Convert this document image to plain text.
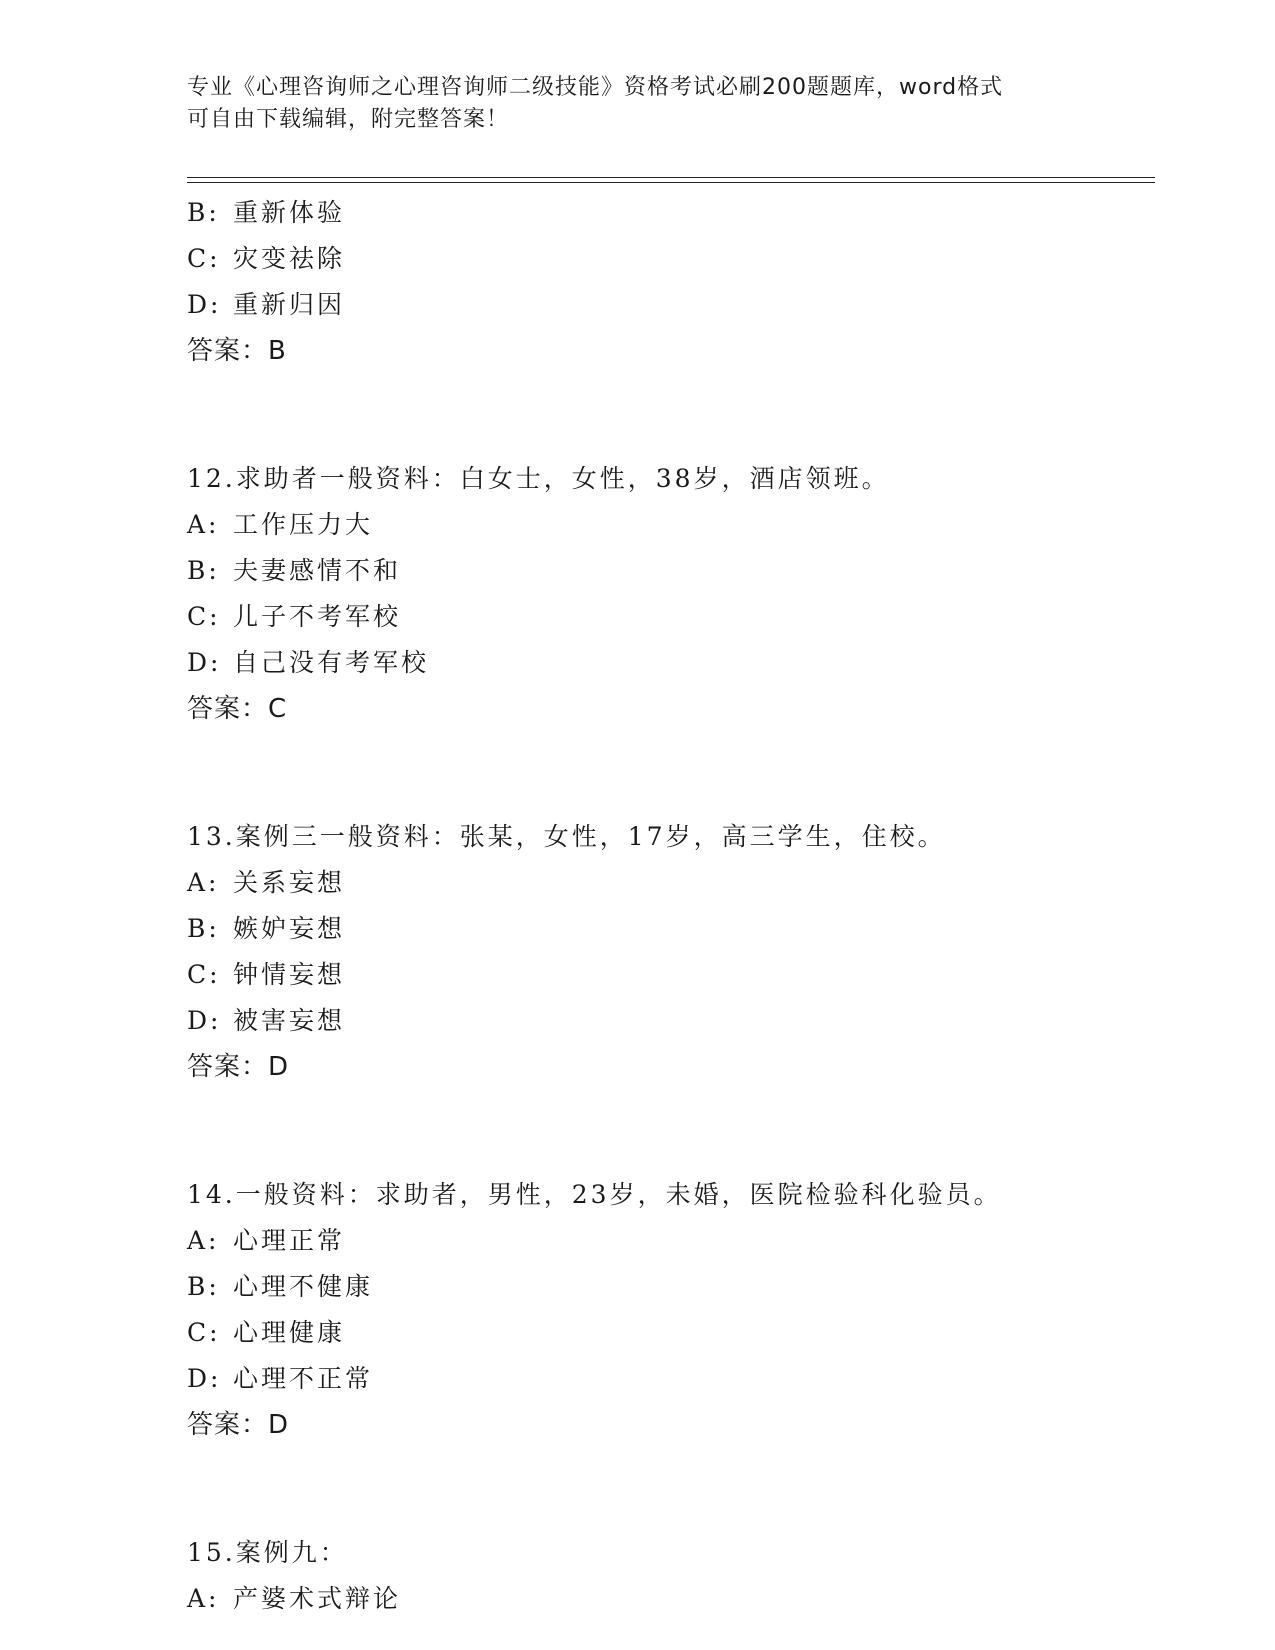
专业《心理咨询师之心理咨询师二级技能》资格考试必刷200题题库，word格式
可自由下载编辑，附完整答案！
B: 重新体验
C: 灾变祛除
D: 重新归因
答案：B
12.求助者一般资料：白女士，女性，38岁，酒店领班。
A: 工作压力大
B: 夫妻感情不和
C: 儿子不考军校
D: 自己没有考军校
答案：C
13.案例三一般资料：张某，女性，17岁，高三学生，住校。
A: 关系妄想
B: 嫉妒妄想
C: 钟情妄想
D: 被害妄想
答案：D
14.一般资料：求助者，男性，23岁，未婚，医院检验科化验员。
A: 心理正常
B: 心理不健康
C: 心理健康
D: 心理不正常
答案：D
15.案例九：
A: 产婆术式辩论
